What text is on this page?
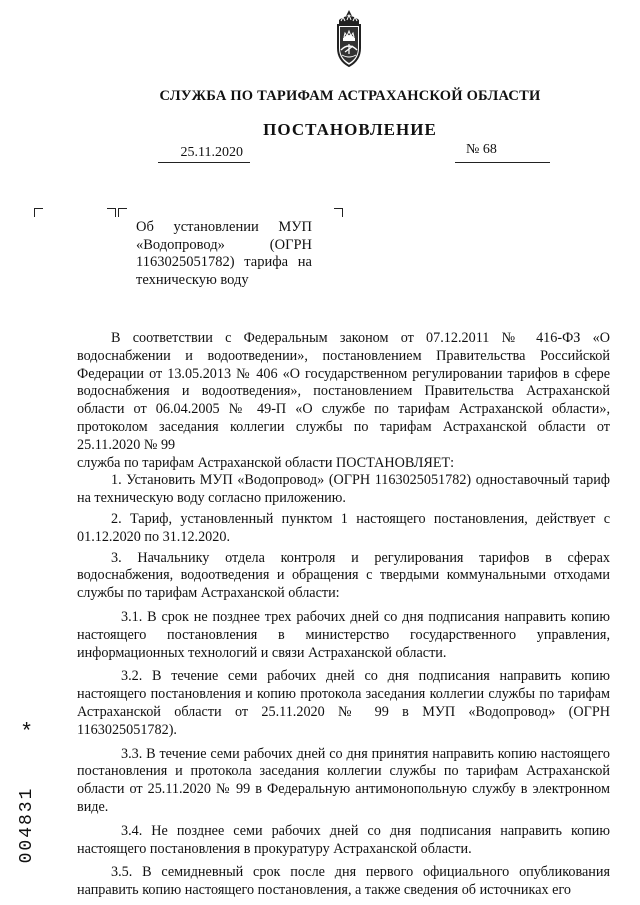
СЛУЖБА ПО ТАРИФАМ АСТРАХАНСКОЙ ОБЛАСТИ
ПОСТАНОВЛЕНИЕ
25.11.2020	№ 68
Об установлении МУП
«Водопровод» (ОГРН
1163025051782) тарифа на
техническую воду
В соответствии с Федеральным законом от 07.12.2011 № 416-ФЗ «О водоснабжении и водоотведении», постановлением Правительства Российской Федерации от 13.05.2013 № 406 «О государственном регулировании тарифов в сфере водоснабжения и водоотведения», постановлением Правительства Астраханской области от 06.04.2005 № 49-П «О службе по тарифам Астраханской области», протоколом заседания коллегии службы по тарифам Астраханской области от 25.11.2020 № 99
служба по тарифам Астраханской области ПОСТАНОВЛЯЕТ:
1. Установить МУП «Водопровод» (ОГРН 1163025051782) одноставочный тариф на техническую воду согласно приложению.
2. Тариф, установленный пунктом 1 настоящего постановления, действует с 01.12.2020 по 31.12.2020.
3. Начальнику отдела контроля и регулирования тарифов в сферах водоснабжения, водоотведения и обращения с твердыми коммунальными отходами службы по тарифам Астраханской области:
3.1. В срок не позднее трех рабочих дней со дня подписания направить копию настоящего постановления в министерство государственного управления, информационных технологий и связи Астраханской области.
3.2. В течение семи рабочих дней со дня подписания направить копию настоящего постановления и копию протокола заседания коллегии службы по тарифам Астраханской области от 25.11.2020 № 99 в МУП «Водопровод» (ОГРН 1163025051782).
3.3. В течение семи рабочих дней со дня принятия направить копию настоящего постановления и протокола заседания коллегии службы по тарифам Астраханской области от 25.11.2020 № 99 в Федеральную антимонопольную службу в электронном виде.
3.4. Не позднее семи рабочих дней со дня подписания направить копию настоящего постановления в прокуратуру Астраханской области.
3.5. В семидневный срок после дня первого официального опубликования направить копию настоящего постановления, а также сведения об источниках его
*
004831
